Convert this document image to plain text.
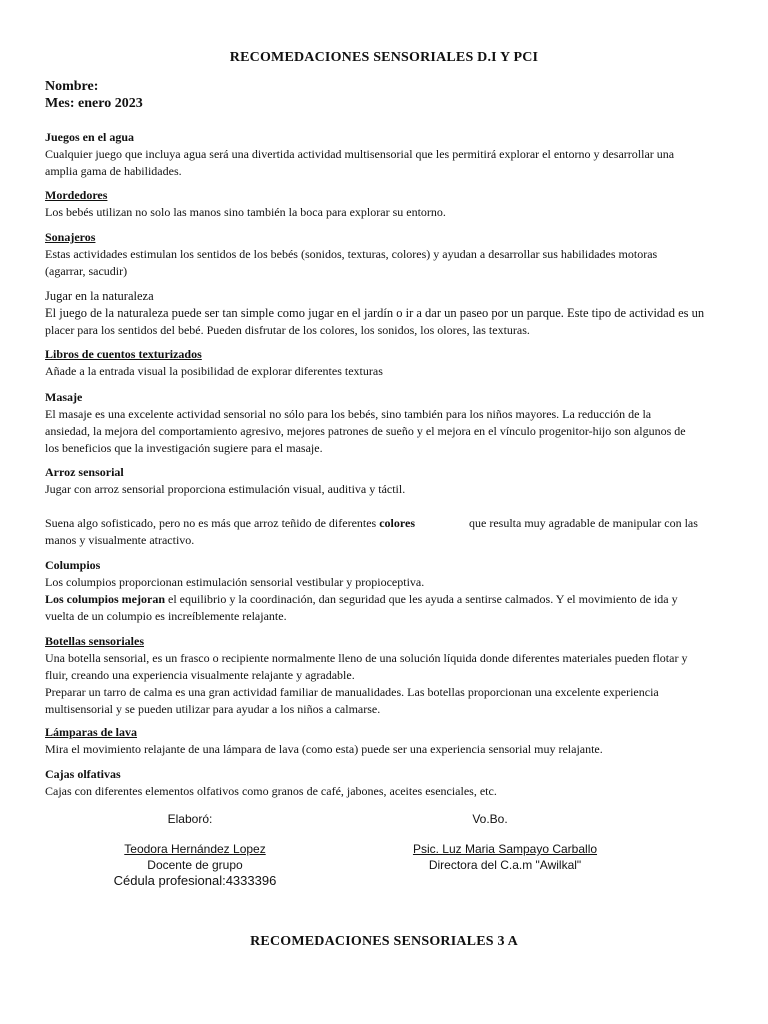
RECOMEDACIONES SENSORIALES D.I Y PCI
Nombre:
Mes: enero 2023
Juegos en el agua

Cualquier juego que incluya agua será una divertida actividad multisensorial que les permitirá explorar el entorno y desarrollar una

amplia gama de habilidades.

Mordedores

Los bebés utilizan no solo las manos sino también la boca para explorar su entorno.

Sonajeros

Estas actividades estimulan los sentidos de los bebés (sonidos, texturas, colores) y ayudan a desarrollar sus habilidades motoras

(agarrar, sacudir)

Jugar en la naturaleza

El juego de la naturaleza puede ser tan simple como jugar en el jardín o ir a dar un paseo por un parque. Este tipo de actividad es un

placer para los sentidos del bebé. Pueden disfrutar de los colores, los sonidos, los olores, las texturas.

Libros de cuentos texturizados

Añade a la entrada visual la posibilidad de explorar diferentes texturas

Masaje

El masaje es una excelente actividad sensorial no sólo para los bebés, sino también para los niños mayores. La reducción de la

ansiedad, la mejora del comportamiento agresivo, mejores patrones de sueño y el mejora en el vínculo progenitor-hijo son algunos de

los beneficios que la investigación sugiere para el masaje.

Arroz sensorial

Jugar con arroz sensorial proporciona estimulación visual, auditiva y táctil.

Suena algo sofisticado, pero no es más que arroz teñido de diferentes colores	que resulta muy agradable de manipular con las

manos y visualmente atractivo.

Columpios

Los columpios proporcionan estimulación sensorial vestibular y propioceptiva.

Los columpios mejoran el equilibrio y la coordinación, dan seguridad que les ayuda a sentirse calmados. Y el movimiento de ida y

vuelta de un columpio es increíblemente relajante.

Botellas sensoriales

Una botella sensorial, es un frasco o recipiente normalmente lleno de una solución líquida donde diferentes materiales pueden flotar y

fluir, creando una experiencia visualmente relajante y agradable.

Preparar un tarro de calma es una gran actividad familiar de manualidades. Las botellas proporcionan una excelente experiencia

multisensorial y se pueden utilizar para ayudar a los niños a calmarse.

Lámparas de lava

Mira el movimiento relajante de una lámpara de lava (como esta) puede ser una experiencia sensorial muy relajante.

Cajas olfativas

Cajas con diferentes elementos olfativos como granos de café, jabones, aceites esenciales, etc.

Elaboró:	Vo.Bo.
Teodora Hernández Lopez
Docente de grupo
Cédula profesional:4333396
Psic. Luz Maria Sampayo Carballo
Directora del C.a.m "Awilkal"
RECOMEDACIONES SENSORIALES 3 A
